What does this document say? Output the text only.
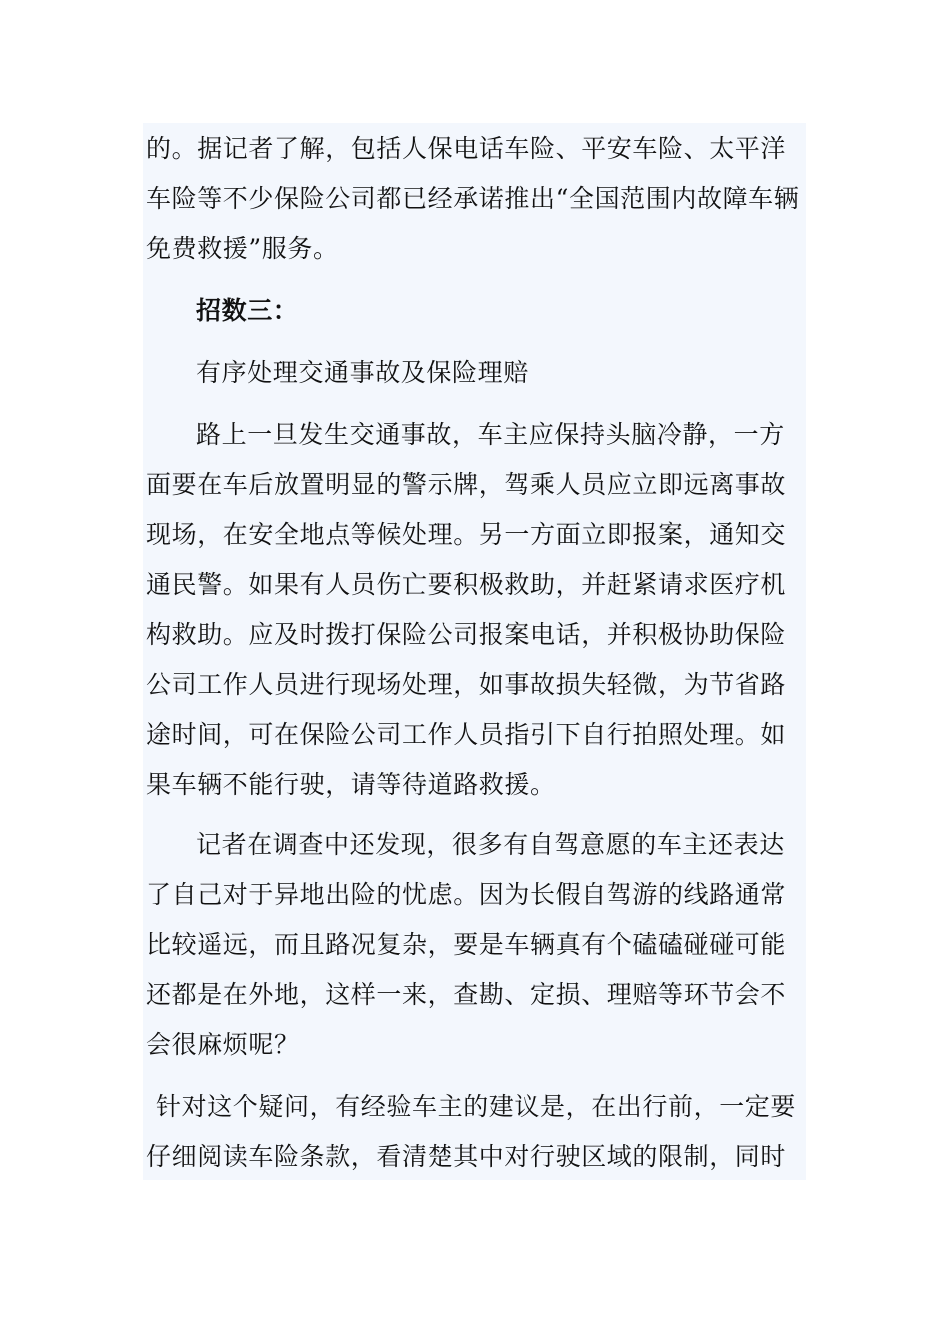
的。据记者了解，包括人保电话车险、平安车险、太平洋车险等不少保险公司都已经承诺推出“全国范围内故障车辆免费救援”服务。

招数三：

有序处理交通事故及保险理赔

路上一旦发生交通事故，车主应保持头脑冷静，一方面要在车后放置明显的警示牌，驾乘人员应立即远离事故现场，在安全地点等候处理。另一方面立即报案，通知交通民警。如果有人员伤亡要积极救助，并赶紧请求医疗机构救助。应及时拨打保险公司报案电话，并积极协助保险公司工作人员进行现场处理，如事故损失轻微，为节省路途时间，可在保险公司工作人员指引下自行拍照处理。如果车辆不能行驶，请等待道路救援。

记者在调查中还发现，很多有自驾意愿的车主还表达了自己对于异地出险的忧虑。因为长假自驾游的线路通常比较遥远，而且路况复杂，要是车辆真有个磕磕碰碰可能还都是在外地，这样一来，查勘、定损、理赔等环节会不会很麻烦呢？

针对这个疑问，有经验车主的建议是，在出行前，一定要仔细阅读车险条款，看清楚其中对行驶区域的限制，同时
